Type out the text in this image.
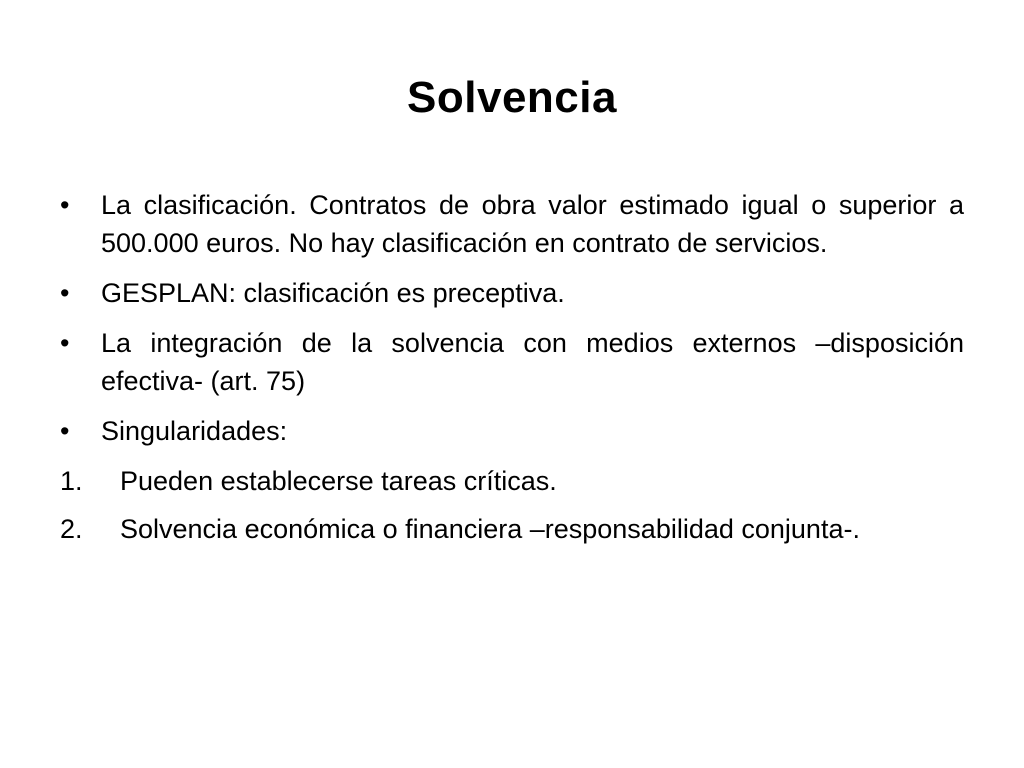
Solvencia
•	La clasificación. Contratos de obra valor estimado igual o superior a 500.000 euros. No hay clasificación en contrato de servicios.
•	GESPLAN: clasificación es preceptiva.
•	La integración de la solvencia con medios externos –disposición efectiva- (art. 75)
•	Singularidades:
1. Pueden establecerse tareas críticas.
2. Solvencia económica o financiera –responsabilidad conjunta-.
